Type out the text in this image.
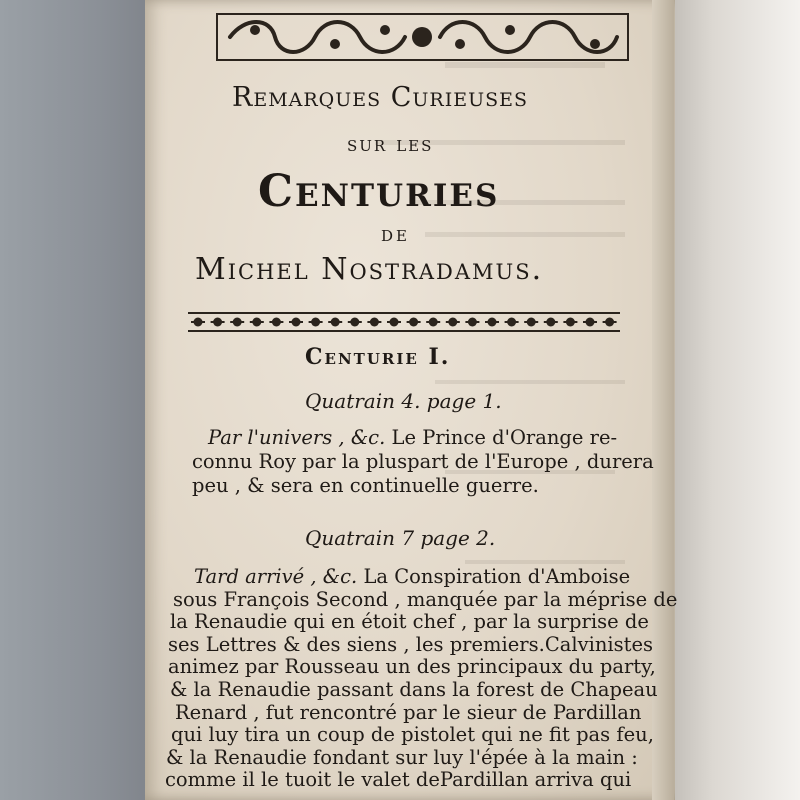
Remarques Curieuses
sur les
Centuries
de
Michel Nostradamus.
Centurie I.
Quatrain 4. page 1.
Par l'univers , &c. Le Prince d'Orange re-
connu Roy par la pluspart de l'Europe , durera
peu , & sera en continuelle guerre.
Quatrain 7 page 2.
Tard arrivé , &c. La Conspiration d'Amboise
sous François Second , manquée par la méprise de
la Renaudie qui en étoit chef , par la surprise de
ses Lettres & des siens , les premiers.Calvinistes
animez par Rousseau un des principaux du party,
& la Renaudie passant dans la forest de Chapeau
Renard , fut rencontré par le sieur de Pardillan
qui luy tira un coup de pistolet qui ne fit pas feu,
& la Renaudie fondant sur luy l'épée à la main :
comme il le tuoit le valet dePardillan arriva qui
